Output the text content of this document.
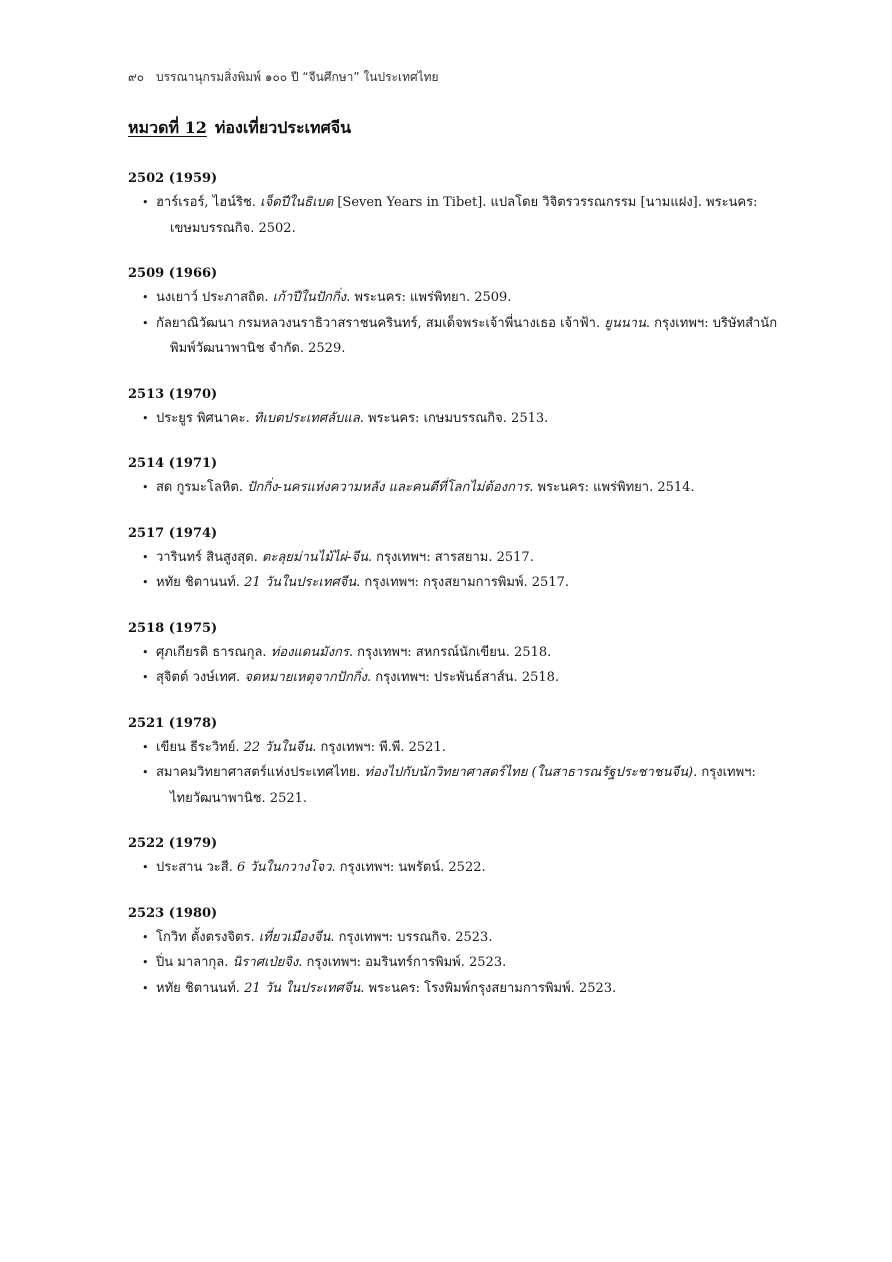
๙๐ บรรณานุกรมสิ่งพิมพ์ ๑๐๐ ปี “จีนศึกษา” ในประเทศไทย
หมวดที่ 12 ท่องเที่ยวประเทศจีน
2502 (1959)
• ฮาร์เรอร์, ไฮน์ริช. เจ็ดปีในธิเบต [Seven Years in Tibet]. แปลโดย วิจิตรวรรณกรรม [นามแฝง]. พระนคร: เขษมบรรณกิจ. 2502.
2509 (1966)
• นงเยาว์ ประภาสถิต. เก้าปีในปักกิ่ง. พระนคร: แพร่พิทยา. 2509.
• กัลยาณิวัฒนา กรมหลวงนราธิวาสราชนครินทร์, สมเด็จพระเจ้าพี่นางเธอ เจ้าฟ้า. ยูนนาน. กรุงเทพฯ: บริษัทสำนักพิมพ์วัฒนาพานิช จำกัด. 2529.
2513 (1970)
• ประยูร พิศนาคะ. ทิเบตประเทศลับแล. พระนคร: เกษมบรรณกิจ. 2513.
2514 (1971)
• สด กูรมะโลหิต. ปักกิ่ง-นครแห่งความหลัง และคนดีที่โลกไม่ต้องการ. พระนคร: แพร่พิทยา. 2514.
2517 (1974)
• วารินทร์ สินสูงสุด. ตะลุยม่านไม้ไผ่-จีน. กรุงเทพฯ: สารสยาม. 2517.
• หทัย ชิตานนท์. 21 วันในประเทศจีน. กรุงเทพฯ: กรุงสยามการพิมพ์. 2517.
2518 (1975)
• ศุภเกียรติ ธารณกุล. ท่องแดนมังกร. กรุงเทพฯ: สหกรณ์นักเขียน. 2518.
• สุจิตต์ วงษ์เทศ. จดหมายเหตุจากปักกิ่ง. กรุงเทพฯ: ประพันธ์สาส์น. 2518.
2521 (1978)
• เขียน ธีระวิทย์. 22 วันในจีน. กรุงเทพฯ: พี.พี. 2521.
• สมาคมวิทยาศาสตร์แห่งประเทศไทย. ท่องไปกับนักวิทยาศาสตร์ไทย (ในสาธารณรัฐประชาชนจีน). กรุงเทพฯ: ไทยวัฒนาพานิช. 2521.
2522 (1979)
• ประสาน วะสี. 6 วันในกวางโจว. กรุงเทพฯ: นพรัตน์. 2522.
2523 (1980)
• โกวิท ตั้งตรงจิตร. เที่ยวเมืองจีน. กรุงเทพฯ: บรรณกิจ. 2523.
• ปิ่น มาลากุล. นิราศเป่ยจิง. กรุงเทพฯ: อมรินทร์การพิมพ์. 2523.
• หทัย ชิตานนท์. 21 วัน ในประเทศจีน. พระนคร: โรงพิมพ์กรุงสยามการพิมพ์. 2523.
